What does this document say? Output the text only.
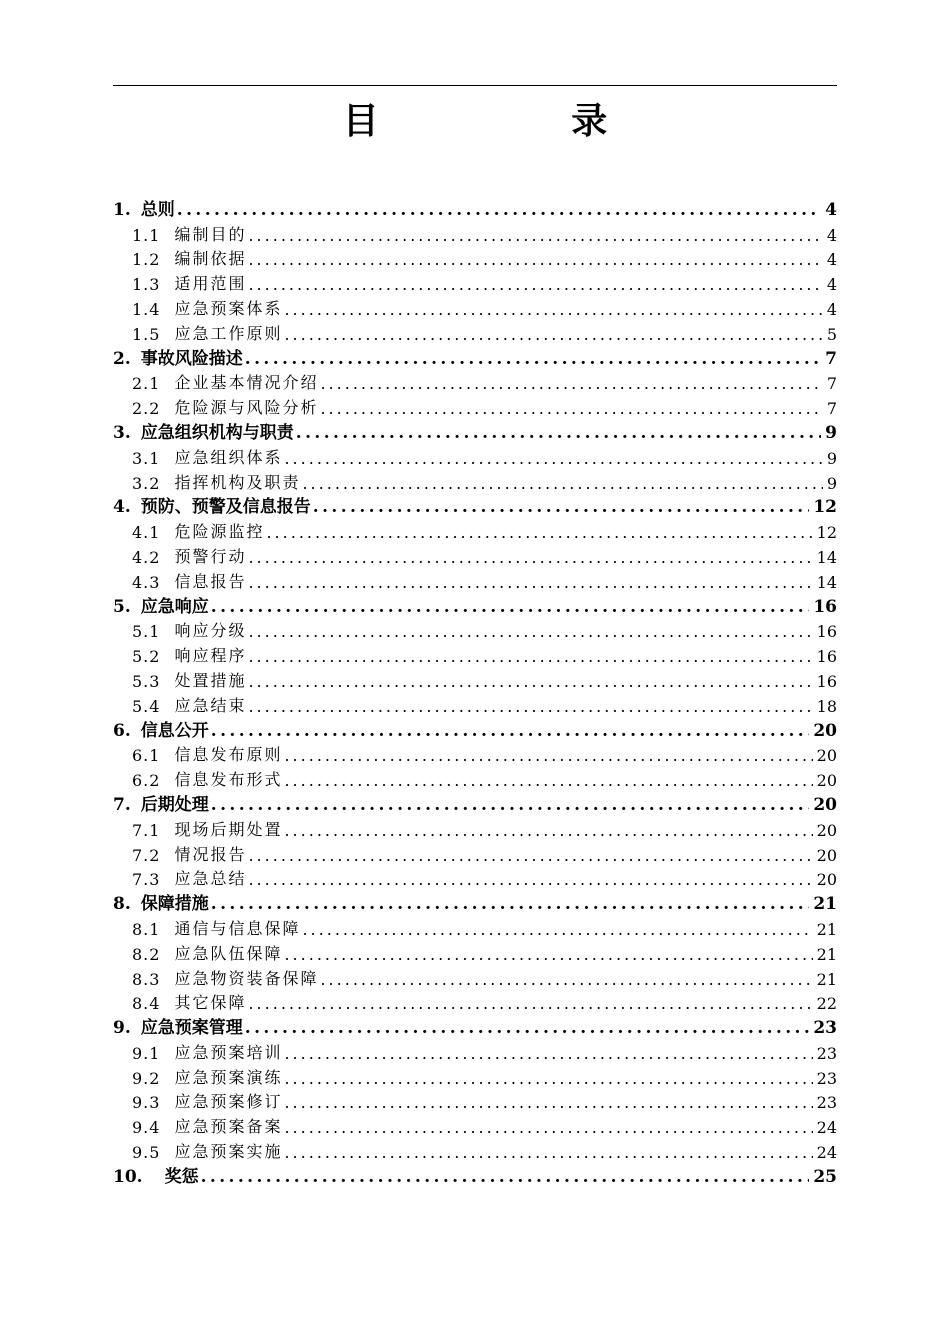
目 录
1. 总则 .....	4
1.1 编制目的 .....	4
1.2 编制依据 .....	4
1.3 适用范围 .....	4
1.4 应急预案体系 .....	4
1.5 应急工作原则 .....	5
2. 事故风险描述 .....	7
2.1 企业基本情况介绍 .....	7
2.2 危险源与风险分析 .....	7
3. 应急组织机构与职责 .....	9
3.1 应急组织体系 .....	9
3.2 指挥机构及职责 .....	9
4. 预防、预警及信息报告 .....	12
4.1 危险源监控 .....	12
4.2 预警行动 .....	14
4.3 信息报告 .....	14
5. 应急响应 .....	16
5.1 响应分级 .....	16
5.2 响应程序 .....	16
5.3 处置措施 .....	16
5.4 应急结束 .....	18
6. 信息公开 .....	20
6.1 信息发布原则 .....	20
6.2 信息发布形式 .....	20
7. 后期处理 .....	20
7.1 现场后期处置 .....	20
7.2 情况报告 .....	20
7.3 应急总结 .....	20
8. 保障措施 .....	21
8.1 通信与信息保障 .....	21
8.2 应急队伍保障 .....	21
8.3 应急物资装备保障 .....	21
8.4 其它保障 .....	22
9. 应急预案管理 .....	23
9.1 应急预案培训 .....	23
9.2 应急预案演练 .....	23
9.3 应急预案修订 .....	23
9.4 应急预案备案 .....	24
9.5 应急预案实施 .....	24
10. 奖惩 .....	25
